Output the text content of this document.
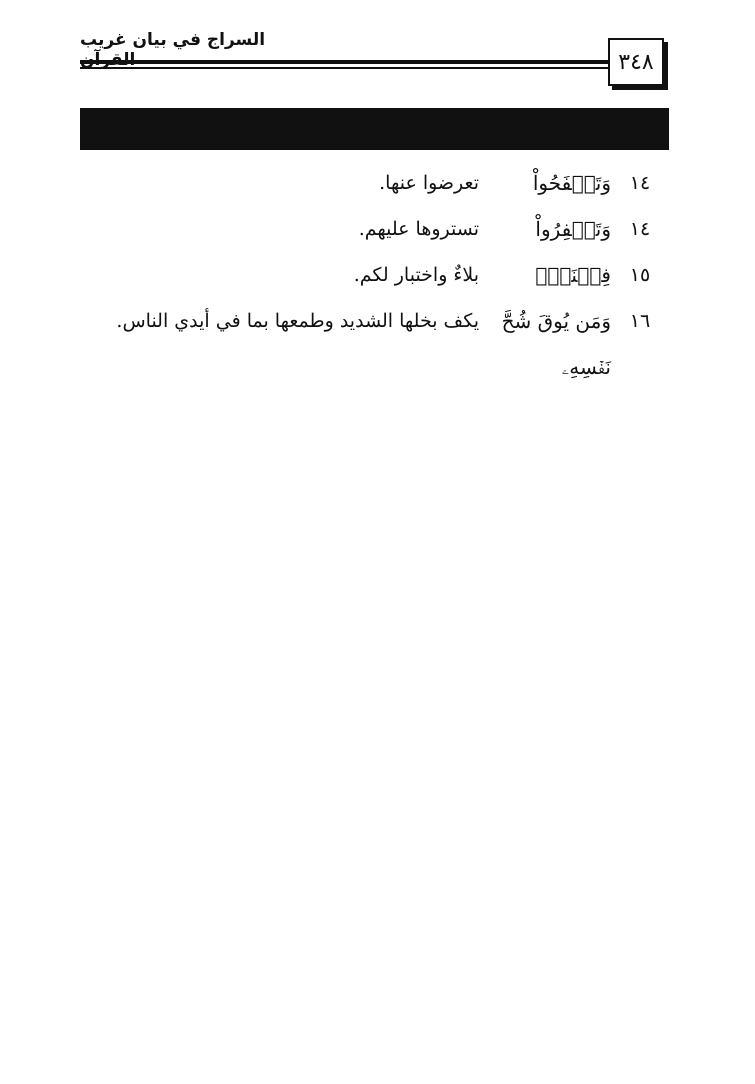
السراج في بيان غريب
٣٤٨
١٤
وَتَصۡفَحُواْ
تعرضوا عنها.
١٤
وَتَغۡفِرُواْ
تستروها عليهم.
١٥
فِتۡنَةٞۚ
بلاءٌ واختبار لكم.
١٦
وَمَن يُوقَ شُحَّ نَفۡسِهِۦ
يكف بخلها الشديد وطمعها بما في أيدي الناس.
